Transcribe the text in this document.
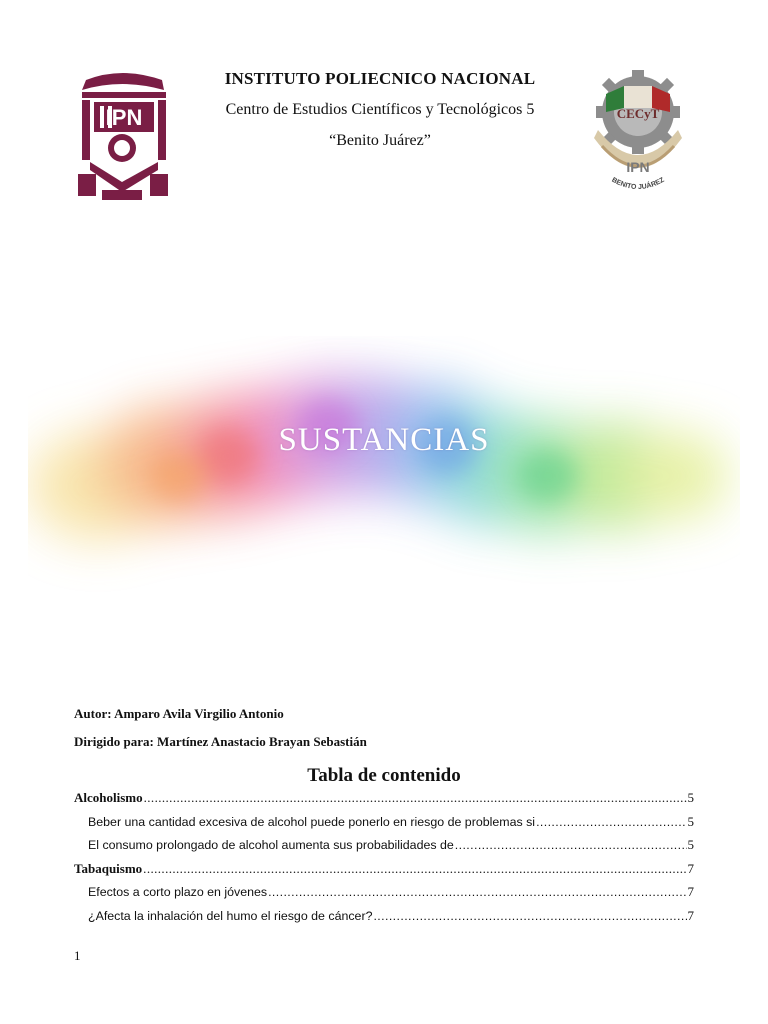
IPN
INSTITUTO POLIECNICO NACIONAL
Centro de Estudios Científicos y Tecnológicos 5
“Benito Juárez”
CECyT
IPN
BENITO JUÁREZ
SUSTANCIAS
Autor: Amparo Avila Virgilio Antonio
Dirigido para: Martínez Anastacio Brayan Sebastián
Tabla de contenido
Alcoholismo .....	5
Beber una cantidad excesiva de alcohol puede ponerlo en riesgo de problemas si .....	5
El consumo prolongado de alcohol aumenta sus probabilidades de .....	5
Tabaquismo .....	7
Efectos a corto plazo en jóvenes .....	7
¿Afecta la inhalación del humo el riesgo de cáncer? .....	7
1
